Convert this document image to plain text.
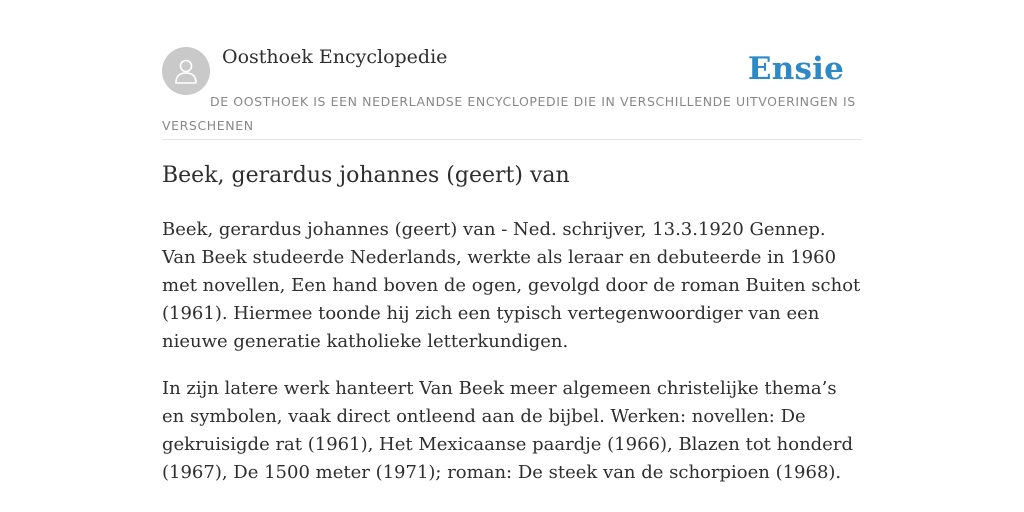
Oosthoek Encyclopedie	Ensie
DE OOSTHOEK IS EEN NEDERLANDSE ENCYCLOPEDIE DIE IN VERSCHILLENDE UITVOERINGEN IS VERSCHENEN
Beek, gerardus johannes (geert) van

Beek, gerardus johannes (geert) van - Ned. schrijver, 13.3.1920 Gennep. Van Beek studeerde Nederlands, werkte als leraar en debuteerde in 1960 met novellen, Een hand boven de ogen, gevolgd door de roman Buiten schot (1961). Hiermee toonde hij zich een typisch vertegenwoordiger van een nieuwe generatie katholieke letterkundigen.

In zijn latere werk hanteert Van Beek meer algemeen christelijke thema’s en symbolen, vaak direct ontleend aan de bijbel. Werken: novellen: De gekruisigde rat (1961), Het Mexicaanse paardje (1966), Blazen tot honderd (1967), De 1500 meter (1971); roman: De steek van de schorpioen (1968).
